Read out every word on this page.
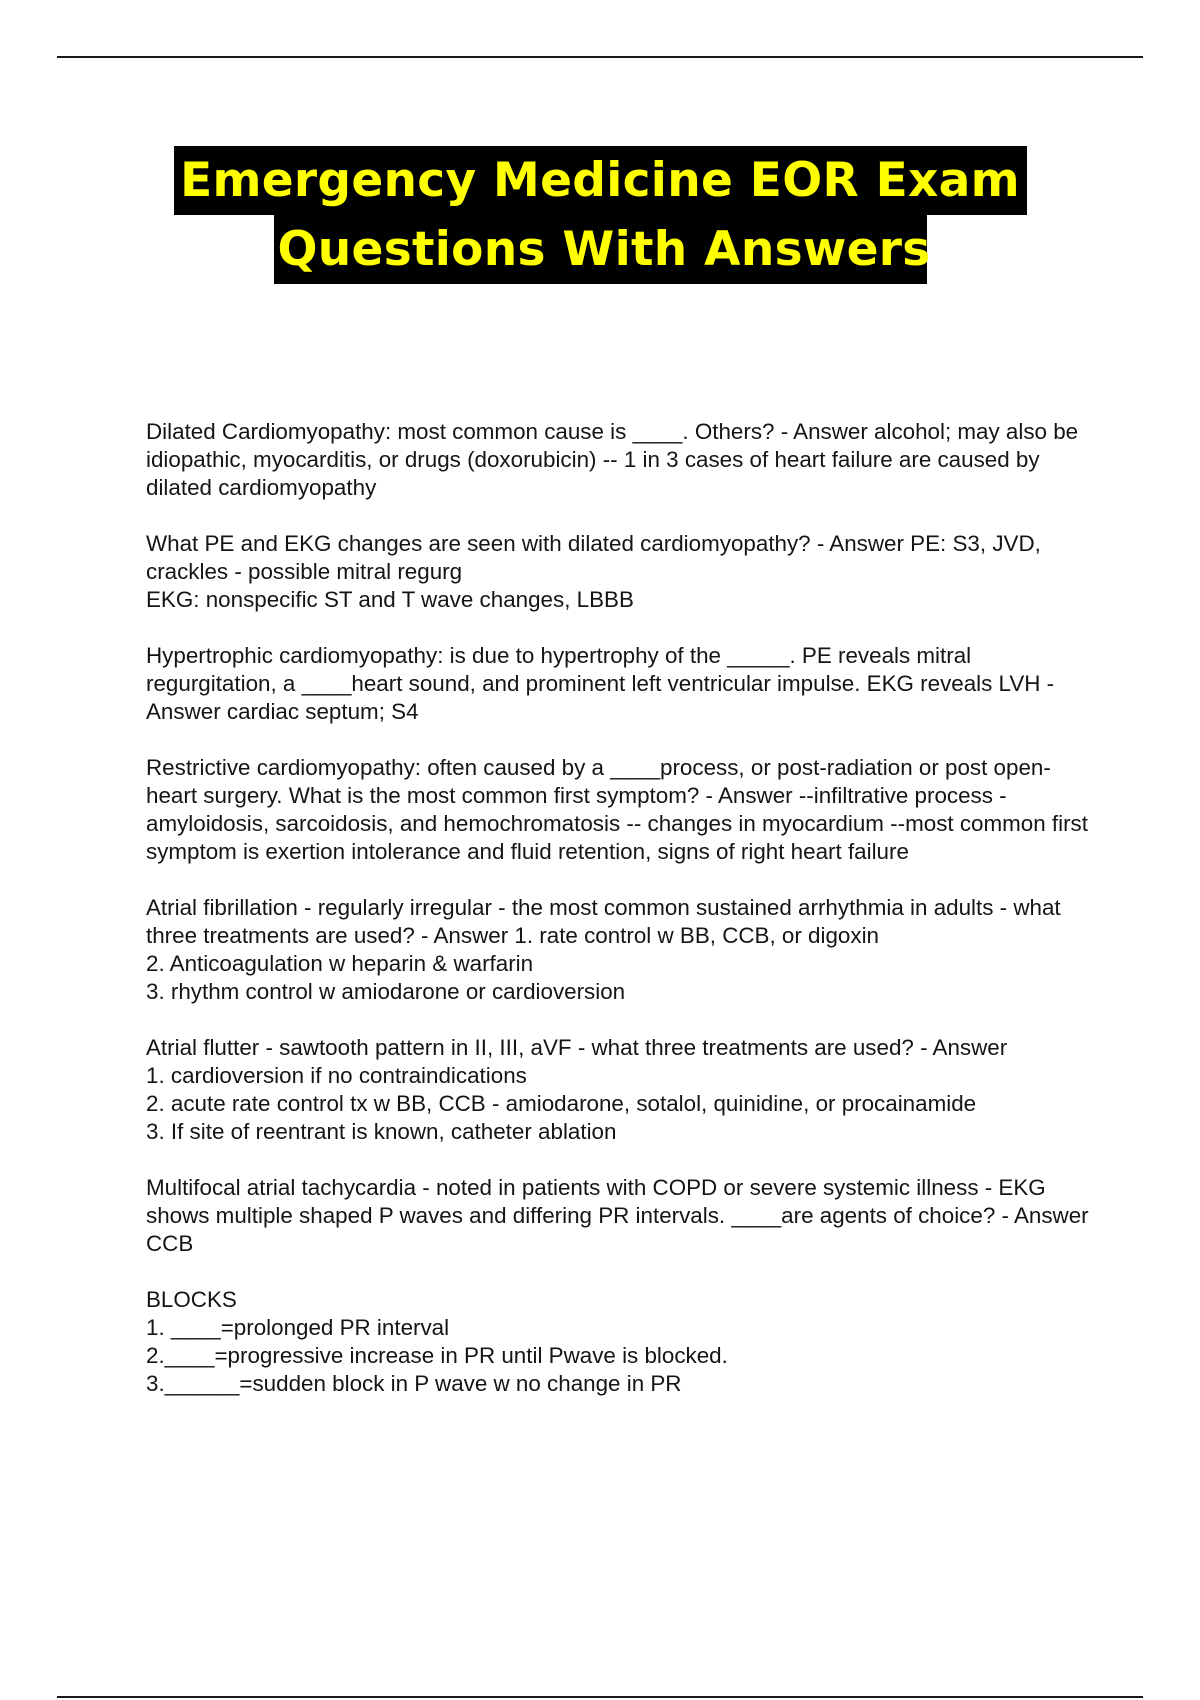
Emergency Medicine EOR Exam
Questions With Answers

Dilated Cardiomyopathy: most common cause is ____. Others? - Answer alcohol; may also be idiopathic, myocarditis, or drugs (doxorubicin) -- 1 in 3 cases of heart failure are caused by dilated cardiomyopathy

What PE and EKG changes are seen with dilated cardiomyopathy? - Answer PE: S3, JVD, crackles - possible mitral regurg

EKG: nonspecific ST and T wave changes, LBBB

Hypertrophic cardiomyopathy: is due to hypertrophy of the _____. PE reveals mitral regurgitation, a ____heart sound, and prominent left ventricular impulse. EKG reveals LVH - Answer cardiac septum; S4

Restrictive cardiomyopathy: often caused by a ____process, or post-radiation or post open-heart surgery. What is the most common first symptom? - Answer --infiltrative process - amyloidosis, sarcoidosis, and hemochromatosis -- changes in myocardium --most common first symptom is exertion intolerance and fluid retention, signs of right heart failure

Atrial fibrillation - regularly irregular - the most common sustained arrhythmia in adults - what three treatments are used? - Answer 1. rate control w BB, CCB, or digoxin

2. Anticoagulation w heparin & warfarin

3. rhythm control w amiodarone or cardioversion

Atrial flutter - sawtooth pattern in II, III, aVF - what three treatments are used? - Answer

1. cardioversion if no contraindications

2. acute rate control tx w BB, CCB - amiodarone, sotalol, quinidine, or procainamide

3. If site of reentrant is known, catheter ablation

Multifocal atrial tachycardia - noted in patients with COPD or severe systemic illness - EKG shows multiple shaped P waves and differing PR intervals. ____are agents of choice? - Answer CCB

BLOCKS

1. ____=prolonged PR interval

2.____=progressive increase in PR until Pwave is blocked.

3.______=sudden block in P wave w no change in PR
